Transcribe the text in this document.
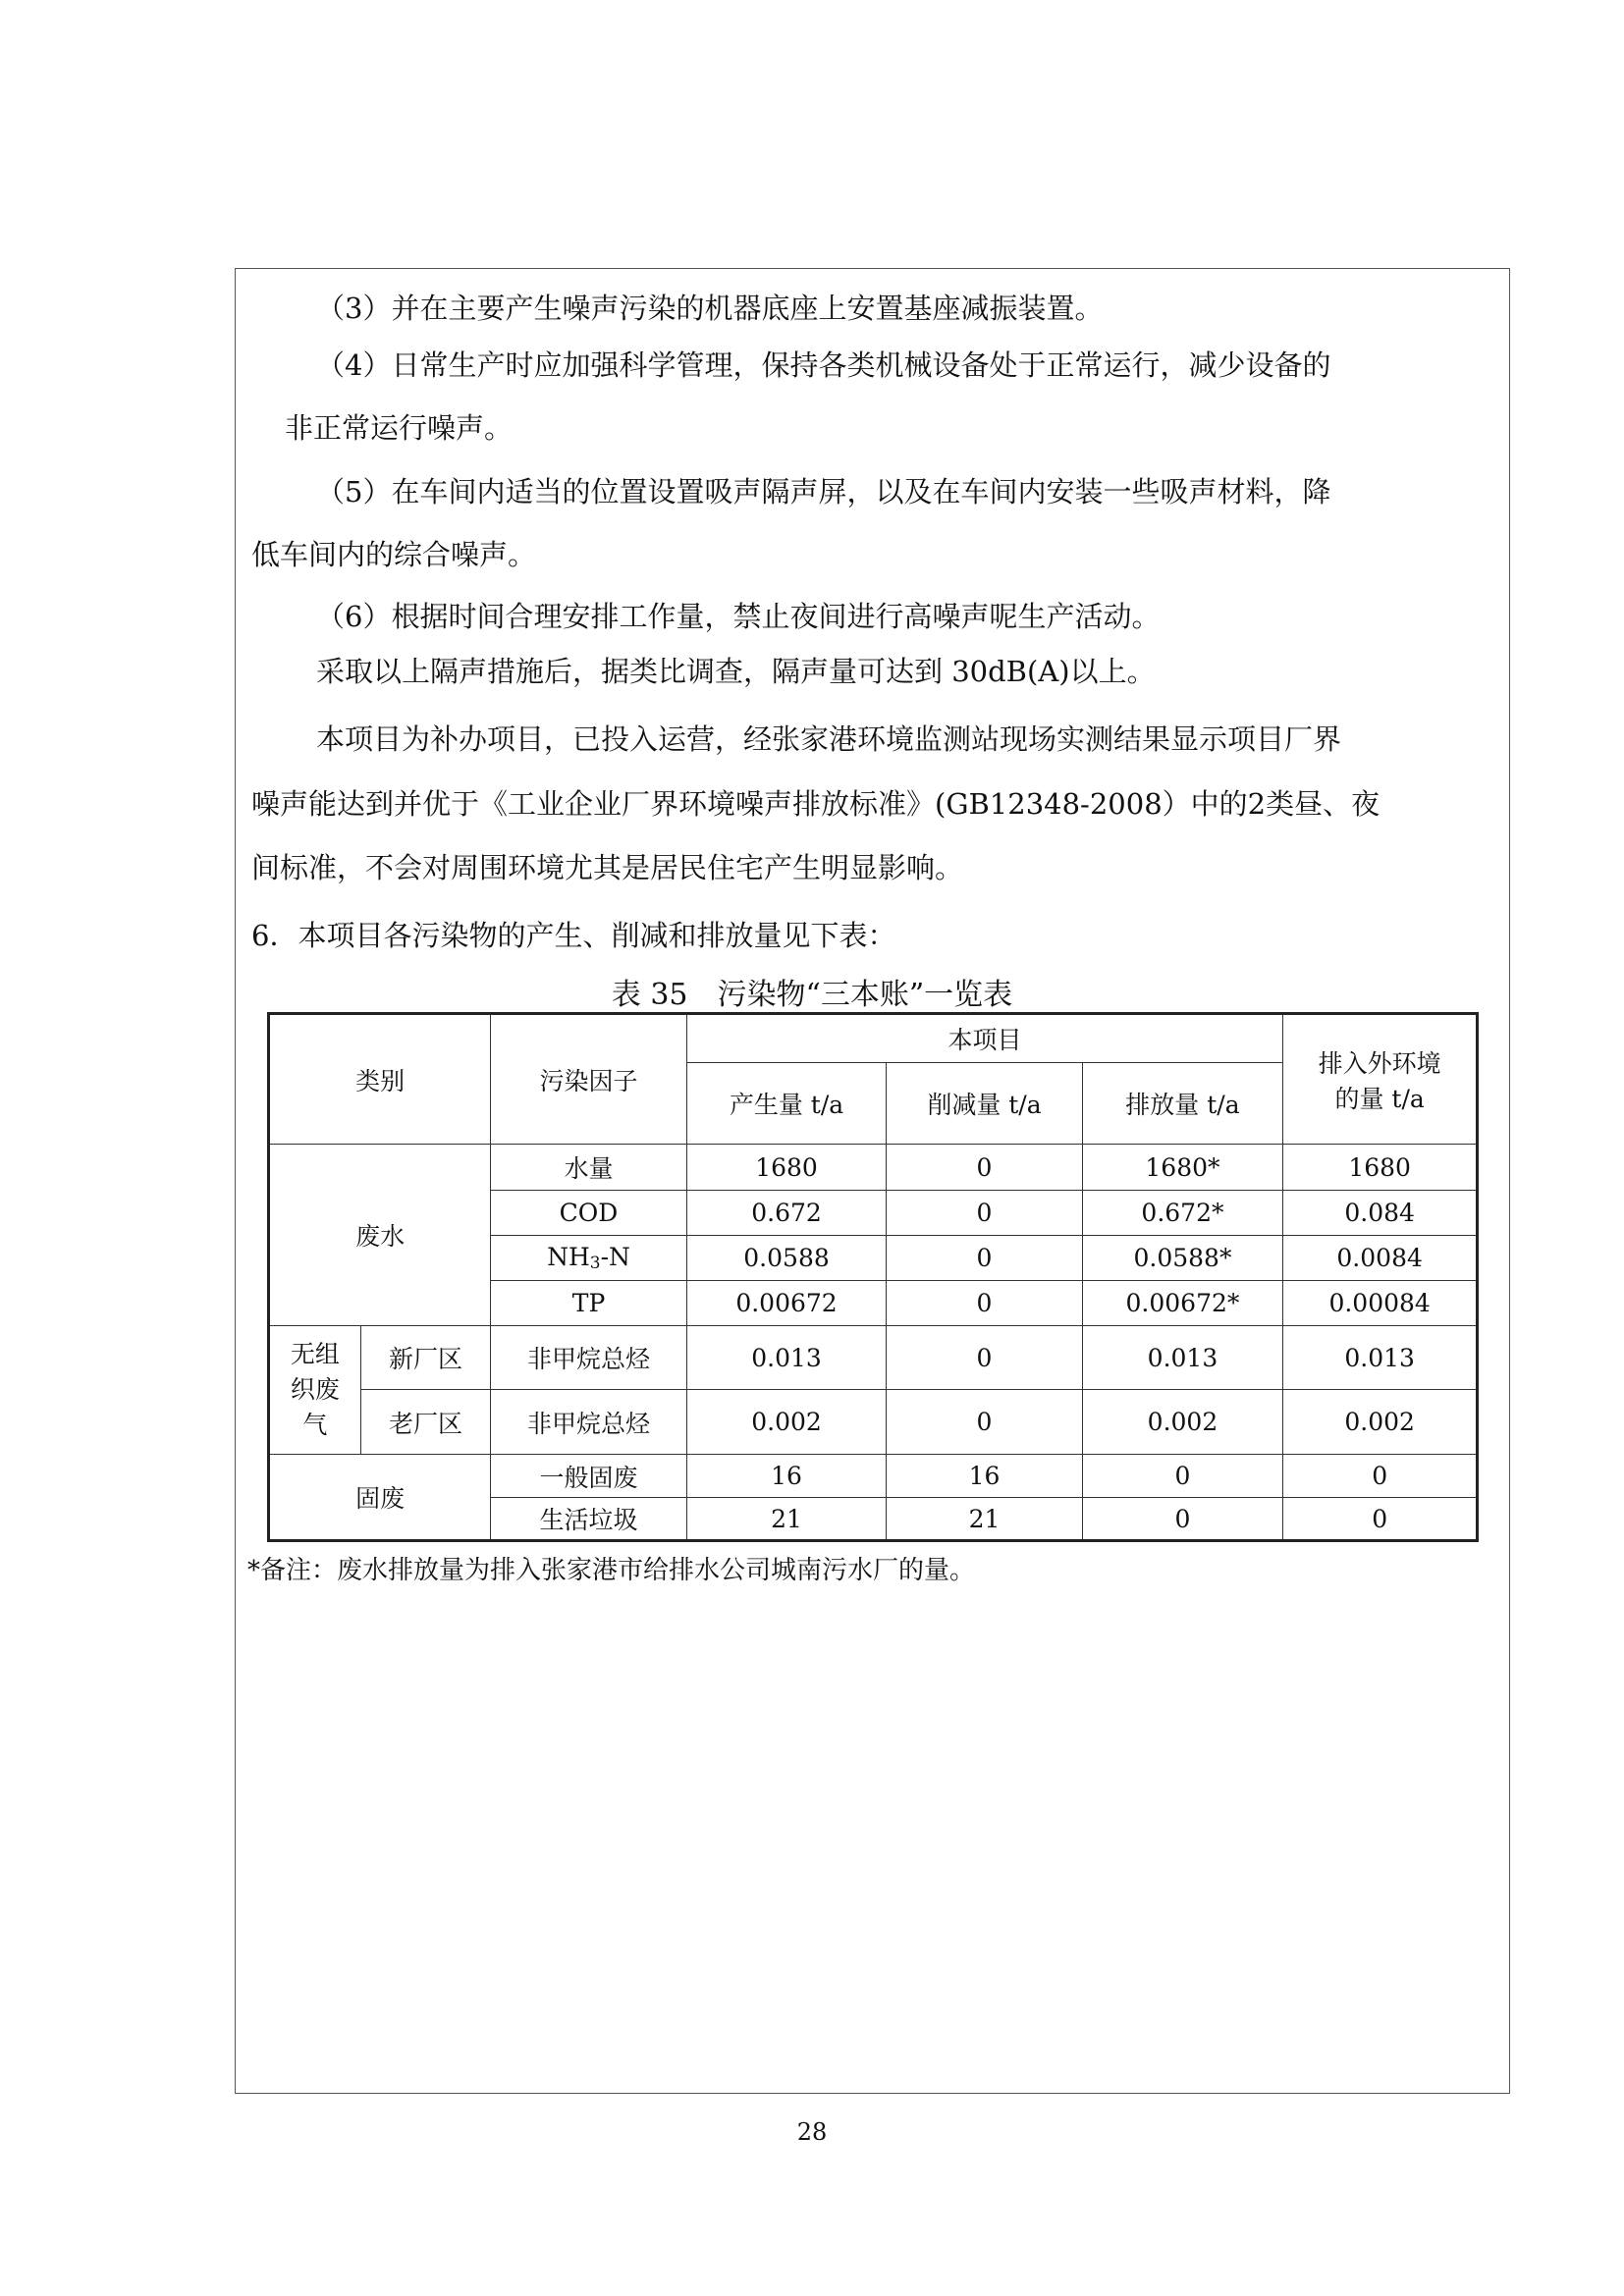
（3）并在主要产生噪声污染的机器底座上安置基座减振装置。

（4）日常生产时应加强科学管理，保持各类机械设备处于正常运行，减少设备的

非正常运行噪声。

（5）在车间内适当的位置设置吸声隔声屏，以及在车间内安装一些吸声材料，降

低车间内的综合噪声。

（6）根据时间合理安排工作量，禁止夜间进行高噪声呢生产活动。

采取以上隔声措施后，据类比调查，隔声量可达到 30dB(A)以上。

本项目为补办项目，已投入运营，经张家港环境监测站现场实测结果显示项目厂界

噪声能达到并优于《工业企业厂界环境噪声排放标准》(GB12348-2008）中的2类昼、夜

间标准，不会对周围环境尤其是居民住宅产生明显影响。

6．本项目各污染物的产生、削减和排放量见下表：

表 35　污染物“三本账”一览表
类别		污染因子	本项目			排入外环境
的量 t/a

			产生量 t/a	削减量 t/a	排放量 t/a	
废水		水量	1680	0	1680*	1680
		COD	0.672	0	0.672*	0.084
		$NH_3-N$	0.0588	0	0.0588*	0.0084
		TP	0.00672	0	0.00672*	0.00084

无组
织废
气	新厂区	非甲烷总烃	0.013	0	0.013	0.013
	老厂区	非甲烷总烃	0.002	0	0.002	0.002
固废		一般固废	16	16	0	0
		生活垃圾	21	21	0	0
*备注：废水排放量为排入张家港市给排水公司城南污水厂的量。
28
